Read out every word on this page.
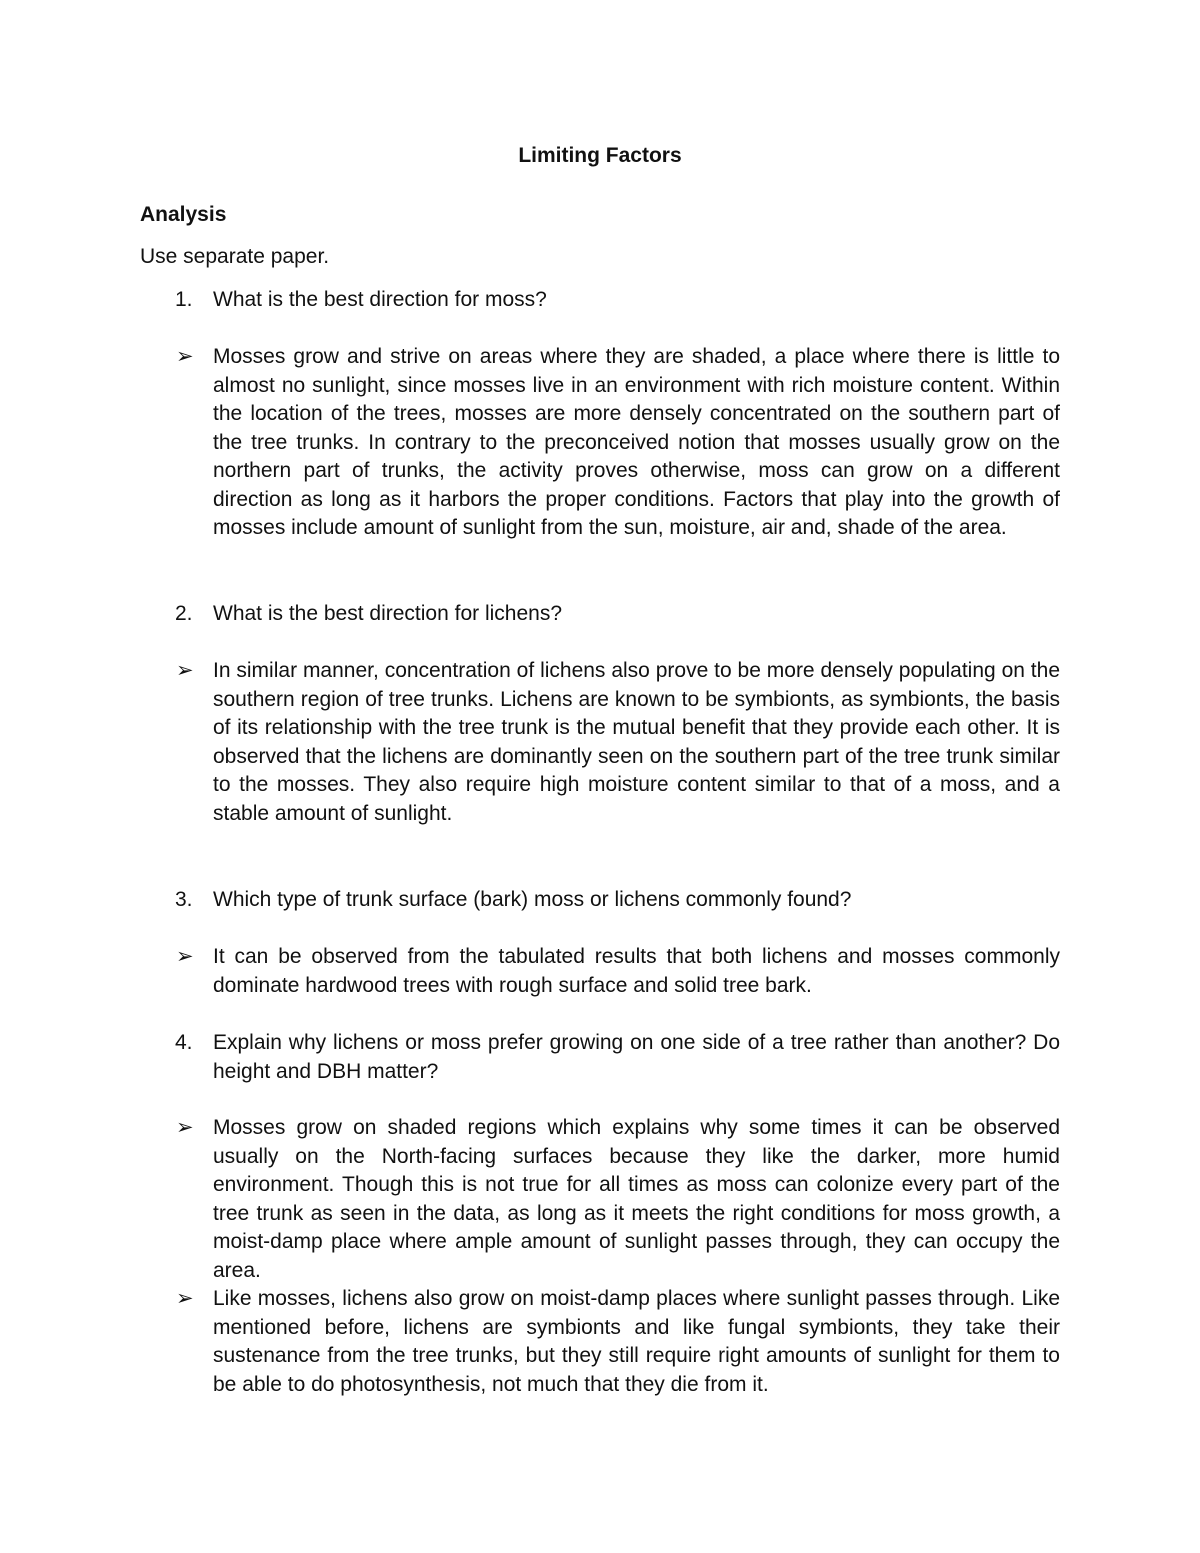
Limiting Factors
Analysis
Use separate paper.
1. What is the best direction for moss?
➢ Mosses grow and strive on areas where they are shaded, a place where there is little to almost no sunlight, since mosses live in an environment with rich moisture content. Within the location of the trees, mosses are more densely concentrated on the southern part of the tree trunks. In contrary to the preconceived notion that mosses usually grow on the northern part of trunks, the activity proves otherwise, moss can grow on a different direction as long as it harbors the proper conditions. Factors that play into the growth of mosses include amount of sunlight from the sun, moisture, air and, shade of the area.
2. What is the best direction for lichens?
➢ In similar manner, concentration of lichens also prove to be more densely populating on the southern region of tree trunks. Lichens are known to be symbionts, as symbionts, the basis of its relationship with the tree trunk is the mutual benefit that they provide each other. It is observed that the lichens are dominantly seen on the southern part of the tree trunk similar to the mosses. They also require high moisture content similar to that of a moss, and a stable amount of sunlight.
3. Which type of trunk surface (bark) moss or lichens commonly found?
➢ It can be observed from the tabulated results that both lichens and mosses commonly dominate hardwood trees with rough surface and solid tree bark.
4. Explain why lichens or moss prefer growing on one side of a tree rather than another? Do height and DBH matter?
➢ Mosses grow on shaded regions which explains why some times it can be observed usually on the North-facing surfaces because they like the darker, more humid environment. Though this is not true for all times as moss can colonize every part of the tree trunk as seen in the data, as long as it meets the right conditions for moss growth, a moist-damp place where ample amount of sunlight passes through, they can occupy the area.
➢ Like mosses, lichens also grow on moist-damp places where sunlight passes through. Like mentioned before, lichens are symbionts and like fungal symbionts, they take their sustenance from the tree trunks, but they still require right amounts of sunlight for them to be able to do photosynthesis, not much that they die from it.
